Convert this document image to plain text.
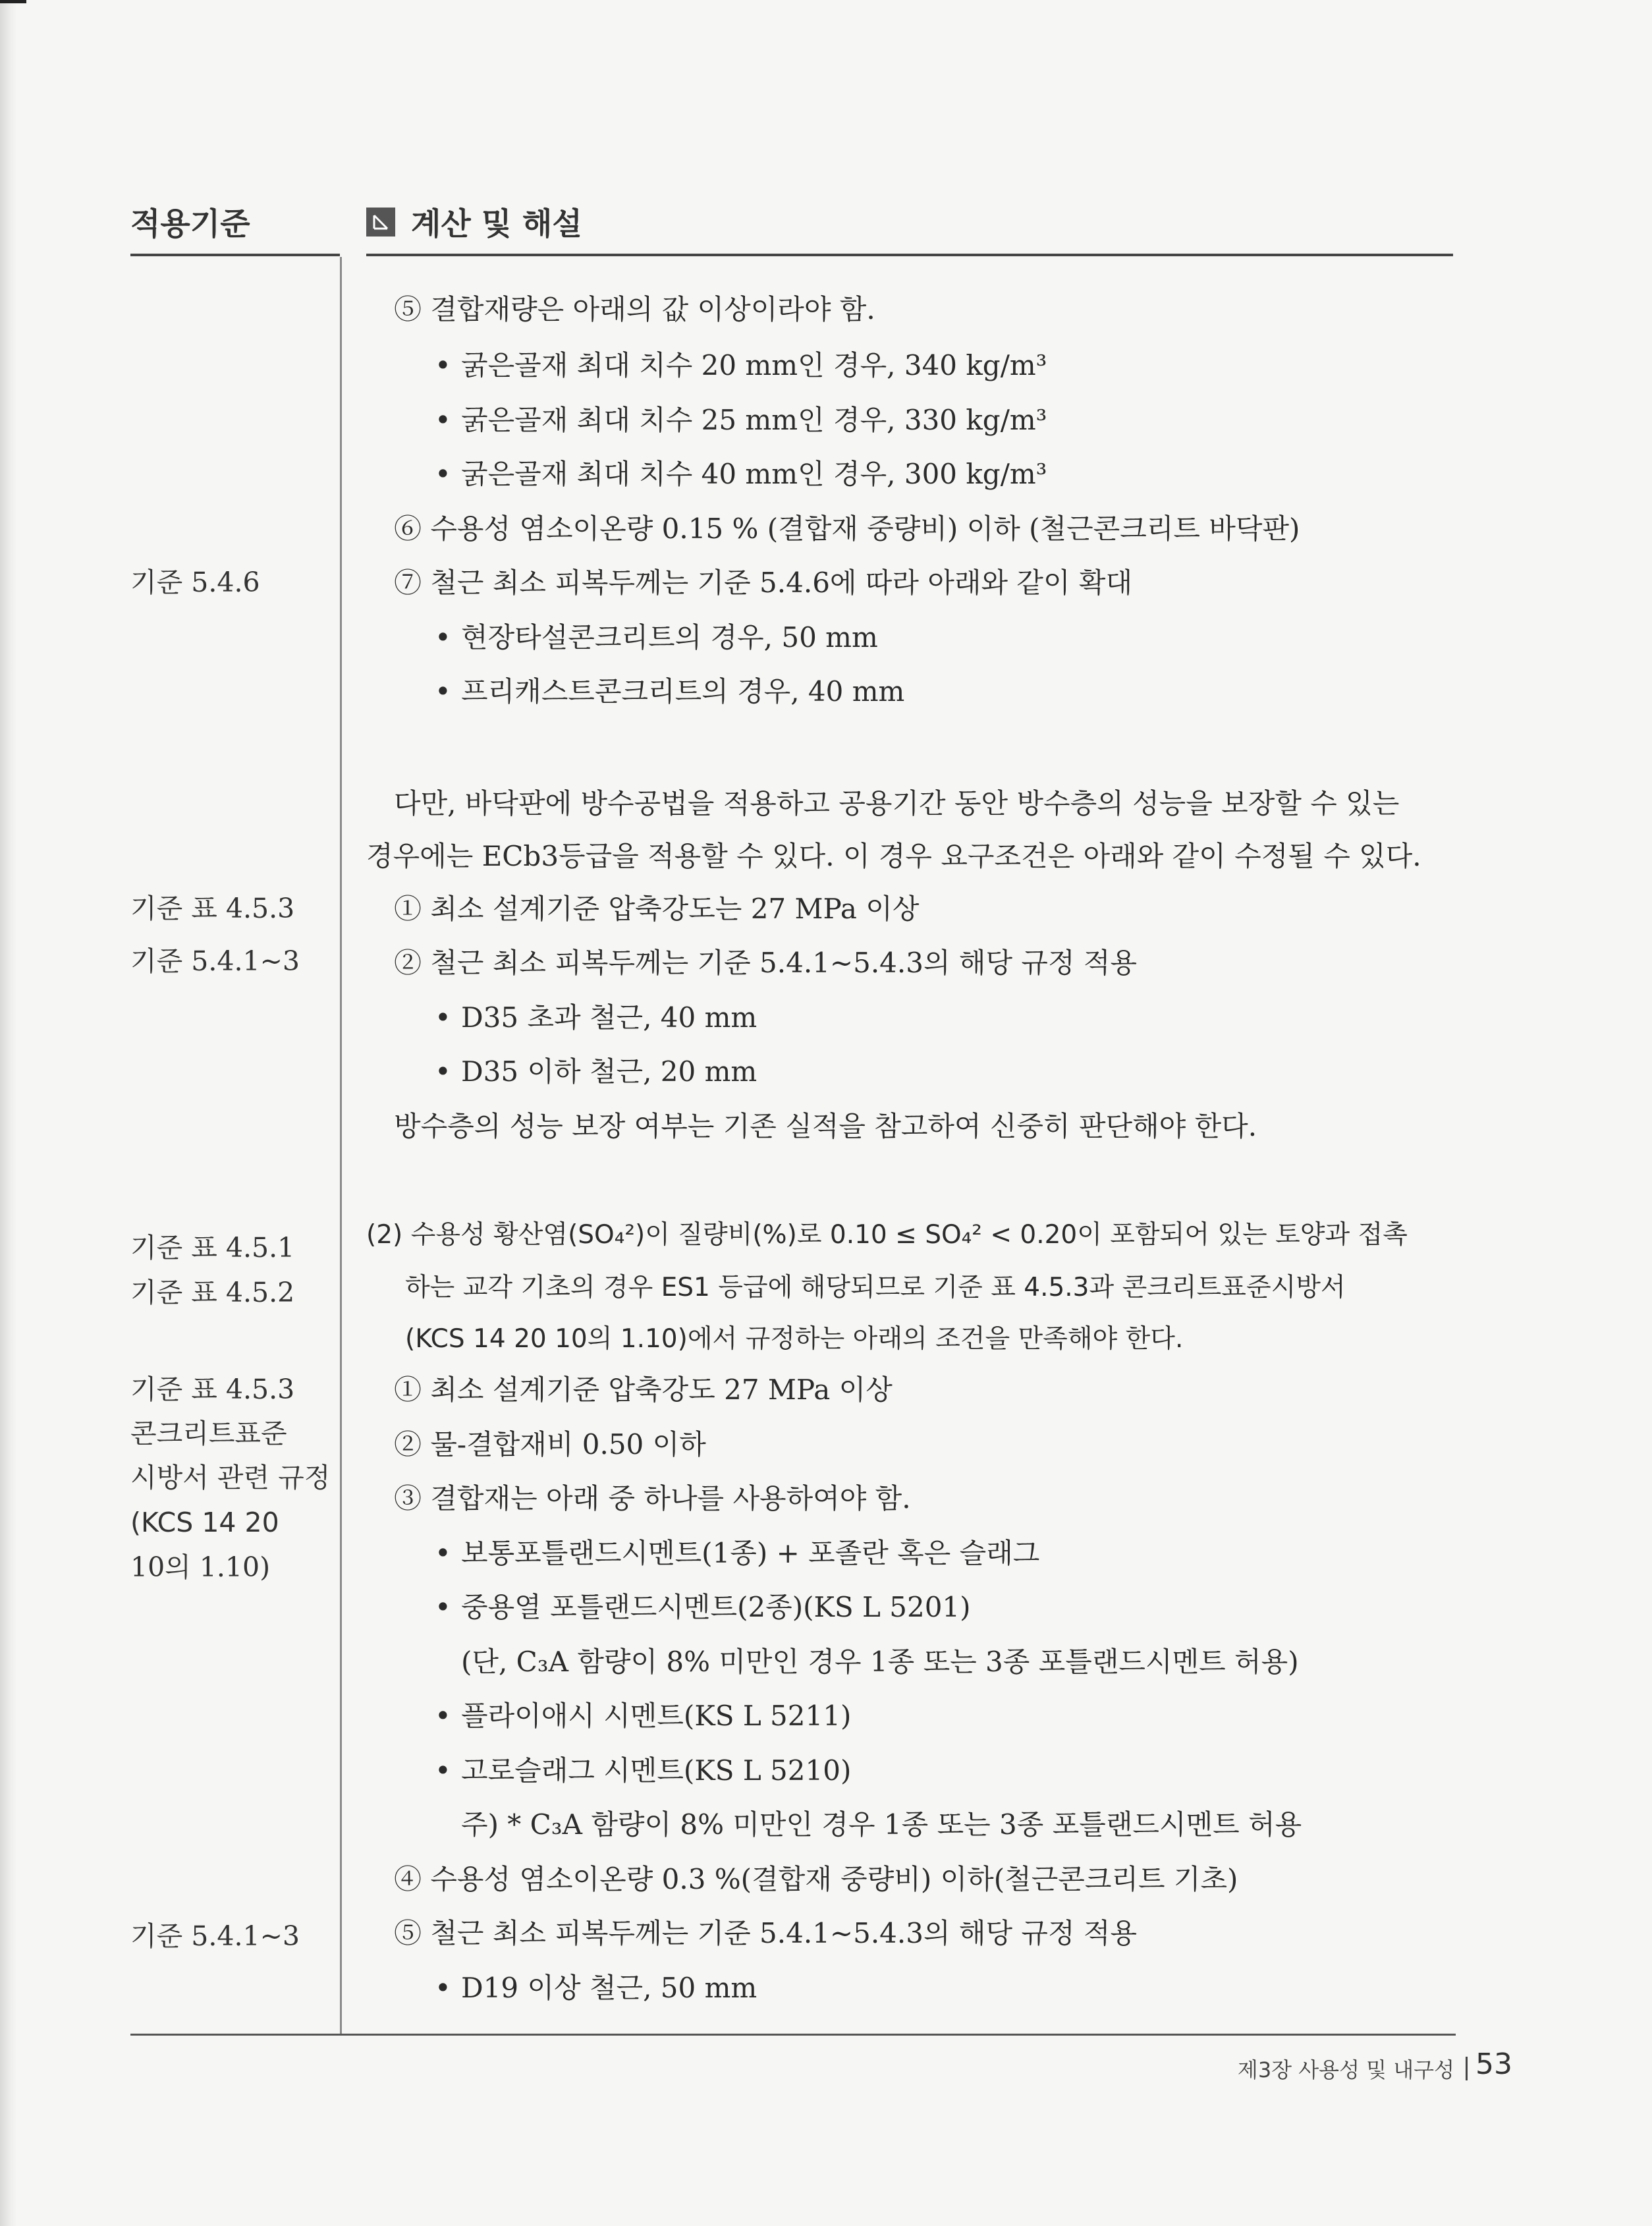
적용기준	계산 및 해설
기준 5.4.6
기준 표 4.5.3
기준 5.4.1~3
기준 표 4.5.1
기준 표 4.5.2
기준 표 4.5.3
콘크리트표준
시방서 관련 규정
(KCS 14 20
10의 1.10)
기준 5.4.1~3
⑤ 결합재량은 아래의 값 이상이라야 함.
• 굵은골재 최대 치수 20 mm인 경우, 340 kg/m³
• 굵은골재 최대 치수 25 mm인 경우, 330 kg/m³
• 굵은골재 최대 치수 40 mm인 경우, 300 kg/m³
⑥ 수용성 염소이온량 0.15 % (결합재 중량비) 이하 (철근콘크리트 바닥판)
⑦ 철근 최소 피복두께는 기준 5.4.6에 따라 아래와 같이 확대
• 현장타설콘크리트의 경우, 50 mm
• 프리캐스트콘크리트의 경우, 40 mm
다만, 바닥판에 방수공법을 적용하고 공용기간 동안 방수층의 성능을 보장할 수 있는
경우에는 ECb3등급을 적용할 수 있다. 이 경우 요구조건은 아래와 같이 수정될 수 있다.
① 최소 설계기준 압축강도는 27 MPa 이상
② 철근 최소 피복두께는 기준 5.4.1~5.4.3의 해당 규정 적용
• D35 초과 철근, 40 mm
• D35 이하 철근, 20 mm
방수층의 성능 보장 여부는 기존 실적을 참고하여 신중히 판단해야 한다.
(2) 수용성 황산염(SO₄²)이 질량비(%)로 0.10 ≤ SO₄² < 0.20이 포함되어 있는 토양과 접촉
하는 교각 기초의 경우 ES1 등급에 해당되므로 기준 표 4.5.3과 콘크리트표준시방서
(KCS 14 20 10의 1.10)에서 규정하는 아래의 조건을 만족해야 한다.
① 최소 설계기준 압축강도 27 MPa 이상
② 물-결합재비 0.50 이하
③ 결합재는 아래 중 하나를 사용하여야 함.
• 보통포틀랜드시멘트(1종) + 포졸란 혹은 슬래그
• 중용열 포틀랜드시멘트(2종)(KS L 5201)
(단, C₃A 함량이 8% 미만인 경우 1종 또는 3종 포틀랜드시멘트 허용)
• 플라이애시 시멘트(KS L 5211)
• 고로슬래그 시멘트(KS L 5210)
주) * C₃A 함량이 8% 미만인 경우 1종 또는 3종 포틀랜드시멘트 허용
④ 수용성 염소이온량 0.3 %(결합재 중량비) 이하(철근콘크리트 기초)
⑤ 철근 최소 피복두께는 기준 5.4.1~5.4.3의 해당 규정 적용
• D19 이상 철근, 50 mm
제3장 사용성 및 내구성 53
